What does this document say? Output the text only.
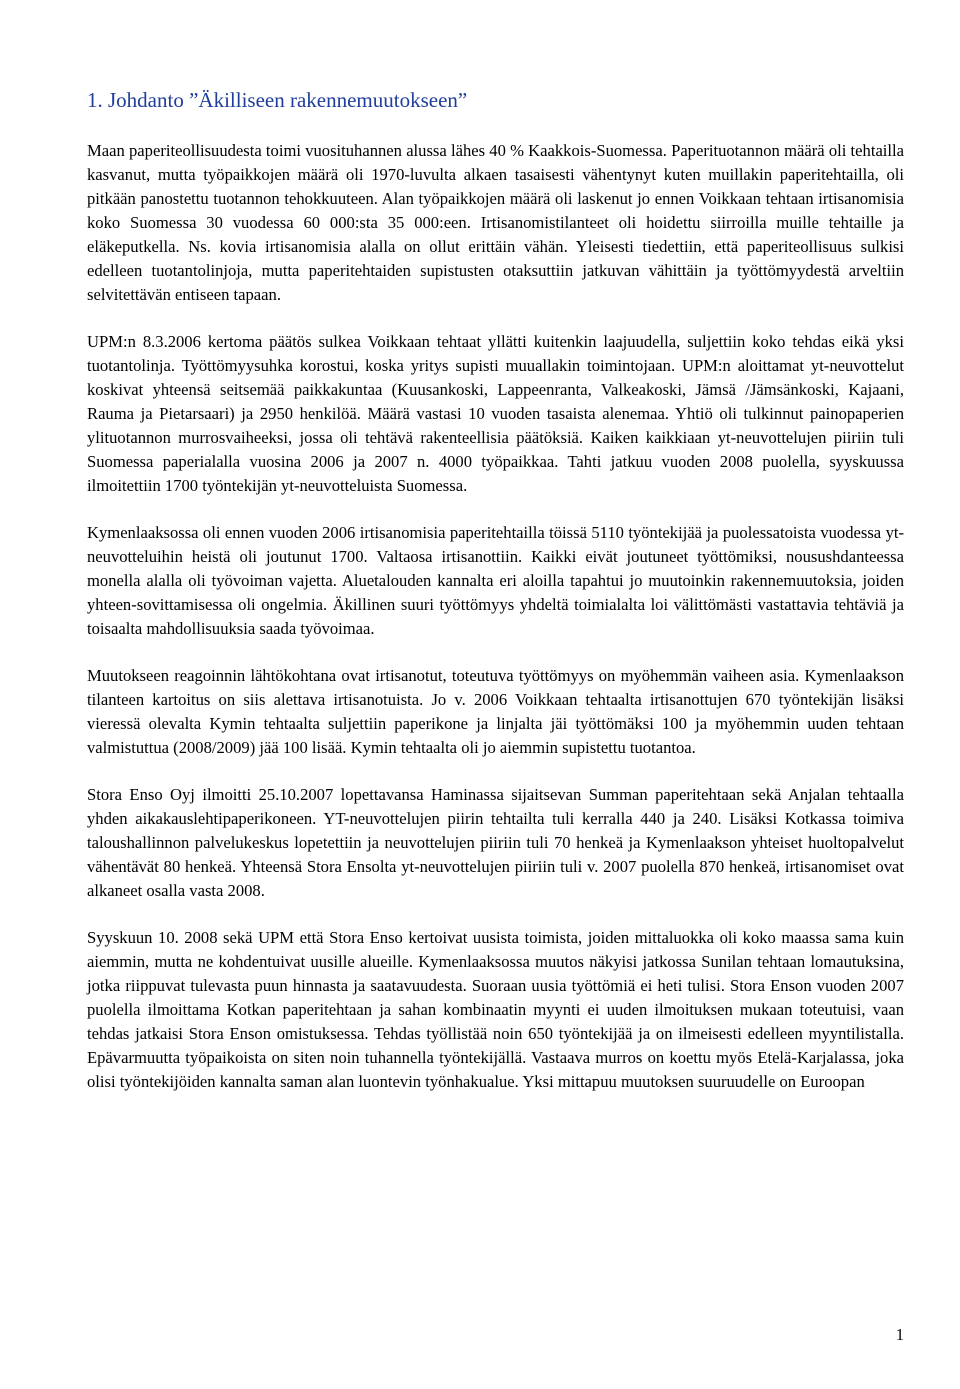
1. Johdanto ”Äkilliseen rakennemuutokseen”

Maan paperiteollisuudesta toimi vuosituhannen alussa lähes 40 % Kaakkois-Suomessa. Paperituotannon määrä oli tehtailla kasvanut, mutta työpaikkojen määrä oli 1970-luvulta alkaen tasaisesti vähentynyt kuten muillakin paperitehtailla, oli pitkään panostettu tuotannon tehokkuuteen. Alan työpaikkojen määrä oli laskenut jo ennen Voikkaan tehtaan irtisanomisia koko Suomessa 30 vuodessa 60 000:sta 35 000:een. Irtisanomistilanteet oli hoidettu siirroilla muille tehtaille ja eläkeputkella. Ns. kovia irtisanomisia alalla on ollut erittäin vähän. Yleisesti tiedettiin, että paperiteollisuus sulkisi edelleen tuotantolinjoja, mutta paperitehtaiden supistusten otaksuttiin jatkuvan vähittäin ja työttömyydestä arveltiin selvitettävän entiseen tapaan.

UPM:n 8.3.2006 kertoma päätös sulkea Voikkaan tehtaat yllätti kuitenkin laajuudella, suljettiin koko tehdas eikä yksi tuotantolinja. Työttömyysuhka korostui, koska yritys supisti muuallakin toimintojaan. UPM:n aloittamat yt-neuvottelut koskivat yhteensä seitsemää paikkakuntaa (Kuusankoski, Lappeenranta, Valkeakoski, Jämsä /Jämsänkoski, Kajaani, Rauma ja Pietarsaari) ja 2950 henkilöä. Määrä vastasi 10 vuoden tasaista alenemaa. Yhtiö oli tulkinnut painopaperien ylituotannon murrosvaiheeksi, jossa oli tehtävä rakenteellisia päätöksiä. Kaiken kaikkiaan yt-neuvottelujen piiriin tuli Suomessa paperialalla vuosina 2006 ja 2007 n. 4000 työpaikkaa. Tahti jatkuu vuoden 2008 puolella, syyskuussa ilmoitettiin 1700 työntekijän yt-neuvotteluista Suomessa.

Kymenlaaksossa oli ennen vuoden 2006 irtisanomisia paperitehtailla töissä 5110 työntekijää ja puolessatoista vuodessa yt-neuvotteluihin heistä oli joutunut 1700. Valtaosa irtisanottiin. Kaikki eivät joutuneet työttömiksi, nousushdanteessa monella alalla oli työvoiman vajetta. Aluetalouden kannalta eri aloilla tapahtui jo muutoinkin rakennemuutoksia, joiden yhteen-sovittamisessa oli ongelmia. Äkillinen suuri työttömyys yhdeltä toimialalta loi välittömästi vastattavia tehtäviä ja toisaalta mahdollisuuksia saada työvoimaa.

Muutokseen reagoinnin lähtökohtana ovat irtisanotut, toteutuva työttömyys on myöhemmän vaiheen asia. Kymenlaakson tilanteen kartoitus on siis alettava irtisanotuista. Jo v. 2006 Voikkaan tehtaalta irtisanottujen 670 työntekijän lisäksi vieressä olevalta Kymin tehtaalta suljettiin paperikone ja linjalta jäi työttömäksi 100 ja myöhemmin uuden tehtaan valmistuttua (2008/2009) jää 100 lisää. Kymin tehtaalta oli jo aiemmin supistettu tuotantoa.

Stora Enso Oyj ilmoitti 25.10.2007 lopettavansa Haminassa sijaitsevan Summan paperitehtaan sekä Anjalan tehtaalla yhden aikakauslehtipaperikoneen. YT-neuvottelujen piirin tehtailta tuli kerralla 440 ja 240. Lisäksi Kotkassa toimiva taloushallinnon palvelukeskus lopetettiin ja neuvottelujen piiriin tuli 70 henkeä ja Kymenlaakson yhteiset huoltopalvelut vähentävät 80 henkeä. Yhteensä Stora Ensolta yt-neuvottelujen piiriin tuli v. 2007 puolella 870 henkeä, irtisanomiset ovat alkaneet osalla vasta 2008.

Syyskuun 10. 2008 sekä UPM että Stora Enso kertoivat uusista toimista, joiden mittaluokka oli koko maassa sama kuin aiemmin, mutta ne kohdentuivat uusille alueille. Kymenlaaksossa muutos näkyisi jatkossa Sunilan tehtaan lomautuksina, jotka riippuvat tulevasta puun hinnasta ja saatavuudesta. Suoraan uusia työttömiä ei heti tulisi. Stora Enson vuoden 2007 puolella ilmoittama Kotkan paperitehtaan ja sahan kombinaatin myynti ei uuden ilmoituksen mukaan toteutuisi, vaan tehdas jatkaisi Stora Enson omistuksessa. Tehdas työllistää noin 650 työntekijää ja on ilmeisesti edelleen myyntilistalla. Epävarmuutta työpaikoista on siten noin tuhannella työntekijällä. Vastaava murros on koettu myös Etelä-Karjalassa, joka olisi työntekijöiden kannalta saman alan luontevin työnhakualue. Yksi mittapuu muutoksen suuruudelle on Euroopan

1
